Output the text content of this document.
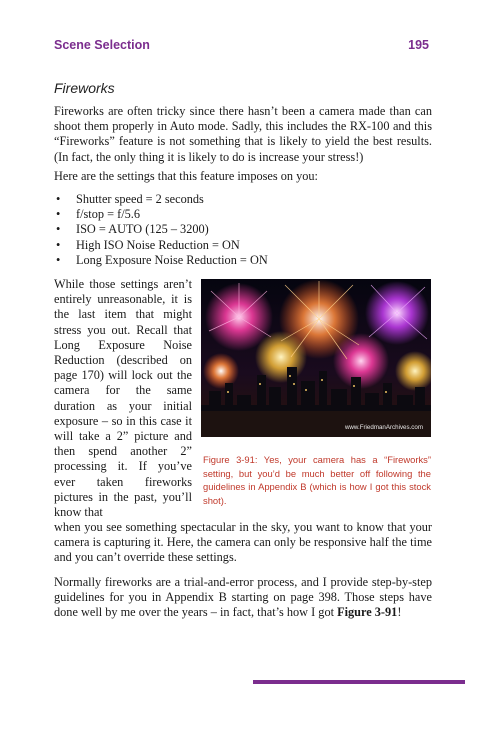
Scene Selection	195
Fireworks

Fireworks are often tricky since there hasn’t been a camera made than can shoot them properly in Auto mode. Sadly, this includes the RX-100 and this “Fireworks” feature is not something that is likely to yield the best results. (In fact, the only thing it is likely to do is increase your stress!)

Here are the settings that this feature imposes on you:

• Shutter speed = 2 seconds
• f/stop = f/5.6
• ISO = AUTO (125 – 3200)
• High ISO Noise Reduction = ON
• Long Exposure Noise Reduction = ON

While those settings aren’t entirely unreasonable, it is the last item that might stress you out. Recall that Long Exposure Noise Reduction (described on page 170) will lock out the camera for the same duration as your initial exposure – so in this case it will take a 2” picture and then spend another 2” processing it. If you’ve ever taken fireworks pictures in the past, you’ll know that

www.FriedmanArchives.com

Figure 3-91: Yes, your camera has a “Fireworks” setting, but you’d be much better off following the guidelines in Appendix B (which is how I got this stock shot).

when you see something spectacular in the sky, you want to know that your camera is capturing it. Here, the camera can only be responsive half the time and you can’t override these settings.

Normally fireworks are a trial-and-error process, and I provide step-by-step guidelines for you in Appendix B starting on page 398. Those steps have done well by me over the years – in fact, that’s how I got Figure 3-91!
